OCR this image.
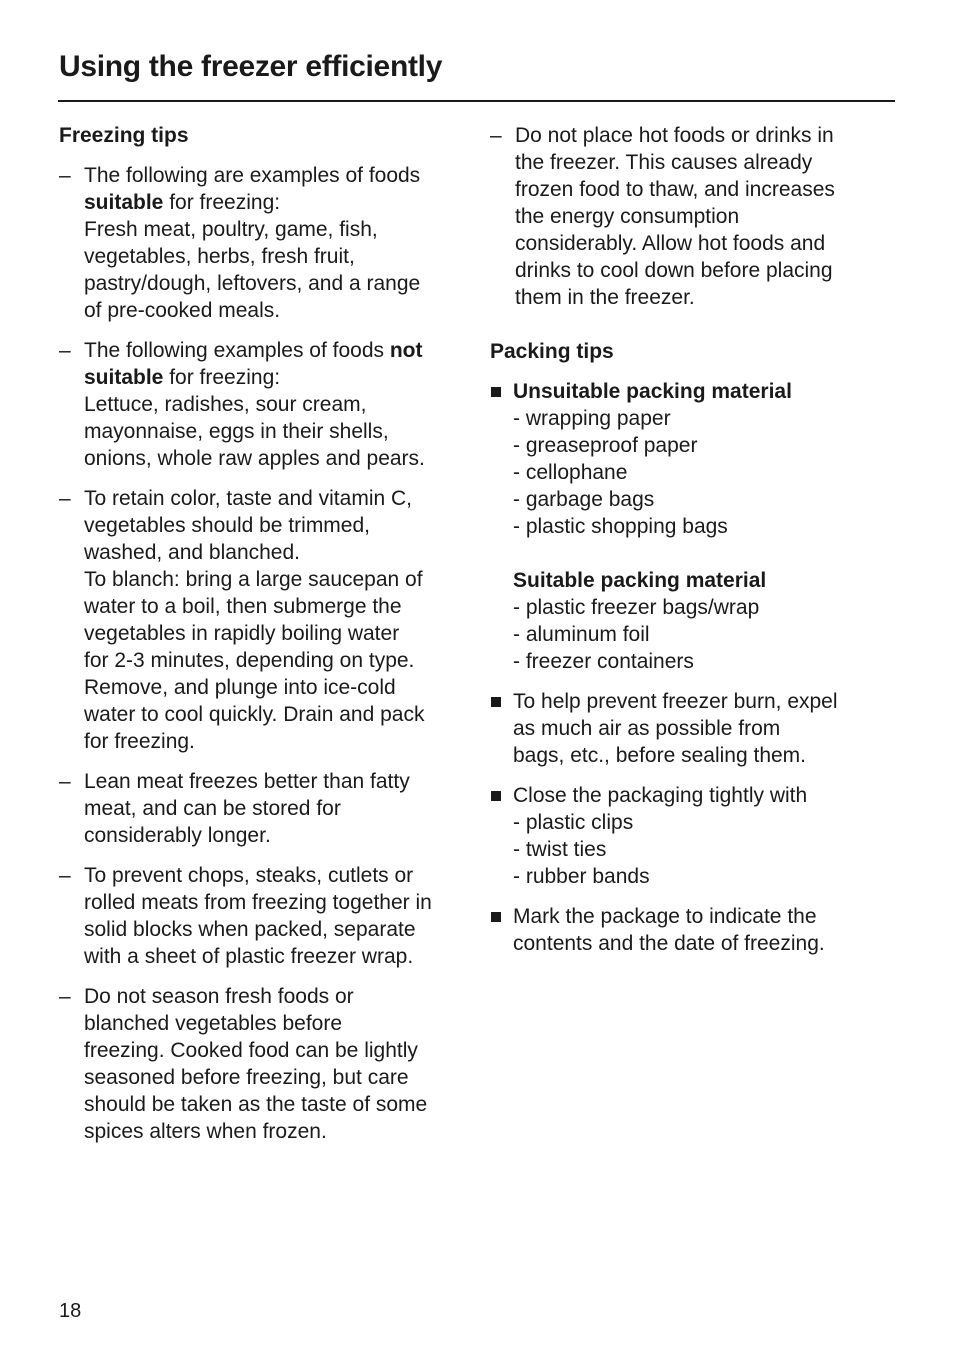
Using the freezer efficiently
Freezing tips
– The following are examples of foods
suitable for freezing:
Fresh meat, poultry, game, fish,
vegetables, herbs, fresh fruit,
pastry/dough, leftovers, and a range
of pre-cooked meals.
– The following examples of foods not
suitable for freezing:
Lettuce, radishes, sour cream,
mayonnaise, eggs in their shells,
onions, whole raw apples and pears.
– To retain color, taste and vitamin C,
vegetables should be trimmed,
washed, and blanched.
To blanch: bring a large saucepan of
water to a boil, then submerge the
vegetables in rapidly boiling water
for 2-3 minutes, depending on type.
Remove, and plunge into ice-cold
water to cool quickly. Drain and pack
for freezing.
– Lean meat freezes better than fatty
meat, and can be stored for
considerably longer.
– To prevent chops, steaks, cutlets or
rolled meats from freezing together in
solid blocks when packed, separate
with a sheet of plastic freezer wrap.
– Do not season fresh foods or
blanched vegetables before
freezing. Cooked food can be lightly
seasoned before freezing, but care
should be taken as the taste of some
spices alters when frozen.
– Do not place hot foods or drinks in
the freezer. This causes already
frozen food to thaw, and increases
the energy consumption
considerably. Allow hot foods and
drinks to cool down before placing
them in the freezer.
Packing tips
Unsuitable packing material
- wrapping paper
- greaseproof paper
- cellophane
- garbage bags
- plastic shopping bags
Suitable packing material
- plastic freezer bags/wrap
- aluminum foil
- freezer containers
To help prevent freezer burn, expel
as much air as possible from
bags, etc., before sealing them.
Close the packaging tightly with
- plastic clips
- twist ties
- rubber bands
Mark the package to indicate the
contents and the date of freezing.
18
